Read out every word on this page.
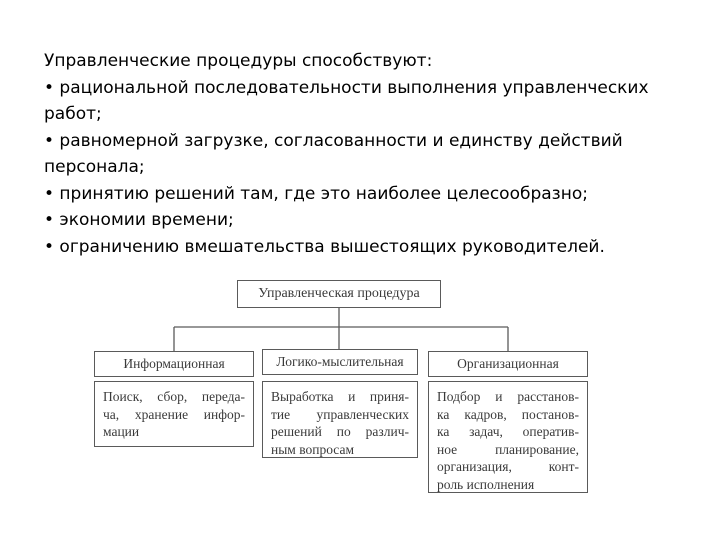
Управленческие процедуры способствуют:

• рациональной последовательности выполнения управленческих работ;

• равномерной загрузке, согласованности и единству действий персонала;

• принятию решений там, где это наиболее целесообразно;

• экономии времени;

• ограничению вмешательства вышестоящих руководителей.

Управленческая процедура
Информационная	Логико-мыслительная	Организационная
Поиск, сбор, переда-
ча, хранение инфор-
мации
Выработка и приня-
тие управленческих
решений по различ-
ным вопросам
Подбор и расстанов-
ка кадров, постанов-
ка задач, оператив-
ное планирование,
организация, конт-
роль исполнения
